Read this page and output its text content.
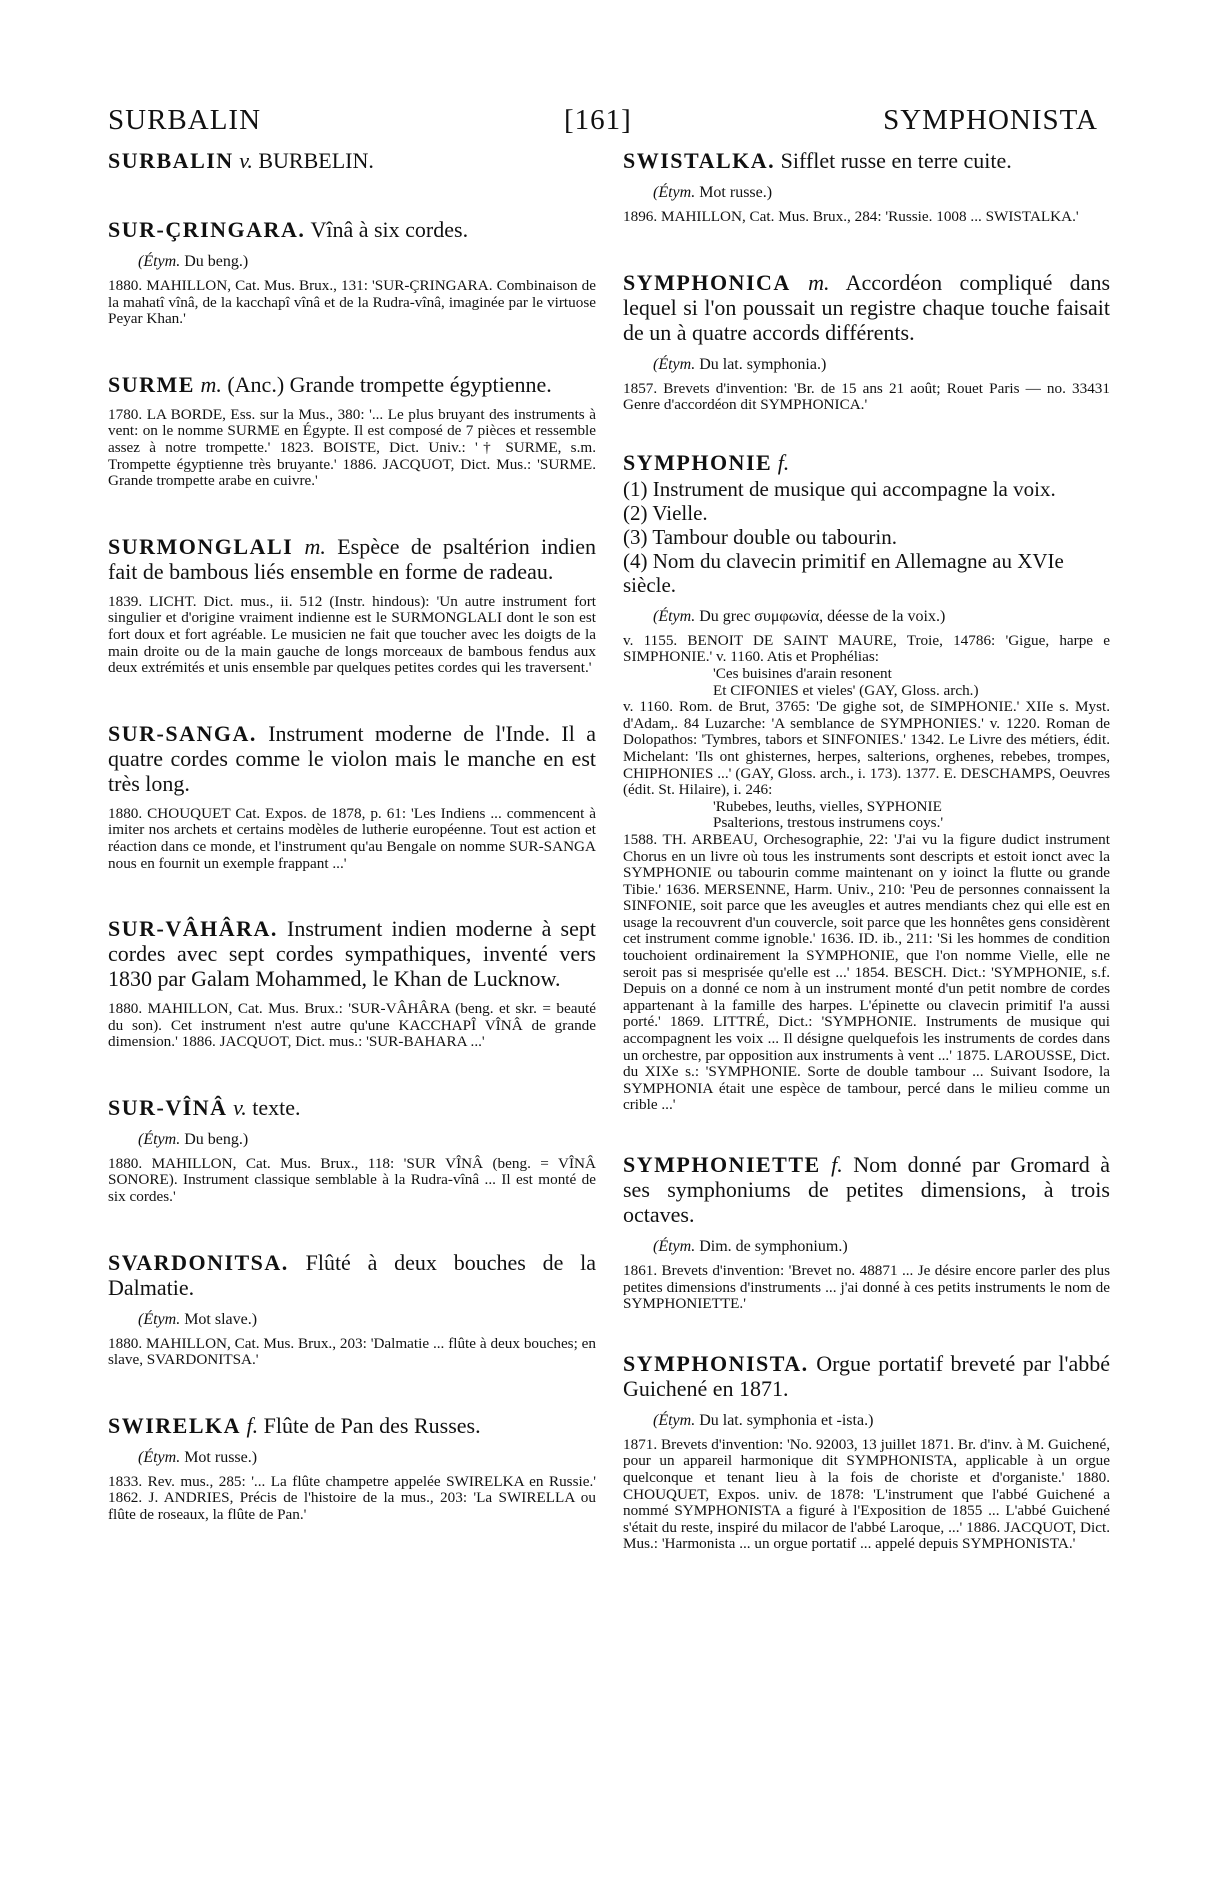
SURBALIN	[161]	SYMPHONISTA

SURBALIN v. BURBELIN.

SUR-ÇRINGARA. Vînâ à six cordes.

(Étym. Du beng.)

1880. MAHILLON, Cat. Mus. Brux., 131: 'SUR-ÇRINGARA. Combinaison de la mahatî vînâ, de la kacchapî vînâ et de la Rudra-vînâ, imaginée par le virtuose Peyar Khan.'

SURME m. (Anc.) Grande trompette égyptienne.

1780. LA BORDE, Ess. sur la Mus., 380: '... Le plus bruyant des instruments à vent: on le nomme SURME en Égypte. Il est composé de 7 pièces et ressemble assez à notre trompette.' 1823. BOISTE, Dict. Univ.: '† SURME, s.m. Trompette égyptienne très bruyante.' 1886. JACQUOT, Dict. Mus.: 'SURME. Grande trompette arabe en cuivre.'

SURMONGLALI m. Espèce de psaltérion indien fait de bambous liés ensemble en forme de radeau.

1839. LICHT. Dict. mus., ii. 512 (Instr. hindous): 'Un autre instrument fort singulier et d'origine vraiment indienne est le SURMONGLALI dont le son est fort doux et fort agréable. Le musicien ne fait que toucher avec les doigts de la main droite ou de la main gauche de longs morceaux de bambous fendus aux deux extrémités et unis ensemble par quelques petites cordes qui les traversent.'

SUR-SANGA. Instrument moderne de l'Inde. Il a quatre cordes comme le violon mais le manche en est très long.

1880. CHOUQUET Cat. Expos. de 1878, p. 61: 'Les Indiens ... commencent à imiter nos archets et certains modèles de lutherie européenne. Tout est action et réaction dans ce monde, et l'instrument qu'au Bengale on nomme SUR-SANGA nous en fournit un exemple frappant ...'

SUR-VÂHÂRA. Instrument indien moderne à sept cordes avec sept cordes sympathiques, inventé vers 1830 par Galam Mohammed, le Khan de Lucknow.

1880. MAHILLON, Cat. Mus. Brux.: 'SUR-VÂHÂRA (beng. et skr. = beauté du son). Cet instrument n'est autre qu'une KACCHAPÎ VÎNÂ de grande dimension.' 1886. JACQUOT, Dict. mus.: 'SUR-BAHARA ...'

SUR-VÎNÂ v. texte.

(Étym. Du beng.)

1880. MAHILLON, Cat. Mus. Brux., 118: 'SUR VÎNÂ (beng. = VÎNÂ SONORE). Instrument classique semblable à la Rudra-vînâ ... Il est monté de six cordes.'

SVARDONITSA. Flûté à deux bouches de la Dalmatie.

(Étym. Mot slave.)

1880. MAHILLON, Cat. Mus. Brux., 203: 'Dalmatie ... flûte à deux bouches; en slave, SVARDONITSA.'

SWIRELKA f. Flûte de Pan des Russes.

(Étym. Mot russe.)

1833. Rev. mus., 285: '... La flûte champetre appelée SWIRELKA en Russie.' 1862. J. ANDRIES, Précis de l'histoire de la mus., 203: 'La SWIRELLA ou flûte de roseaux, la flûte de Pan.'

SWISTALKA. Sifflet russe en terre cuite.

(Étym. Mot russe.)

1896. MAHILLON, Cat. Mus. Brux., 284: 'Russie. 1008 ... SWISTALKA.'

SYMPHONICA m. Accordéon compliqué dans lequel si l'on poussait un registre chaque touche faisait de un à quatre accords différents.

(Étym. Du lat. symphonia.)

1857. Brevets d'invention: 'Br. de 15 ans 21 août; Rouet Paris — no. 33431 Genre d'accordéon dit SYMPHONICA.'

SYMPHONIE f.

(1) Instrument de musique qui accompagne la voix.
(2) Vielle.
(3) Tambour double ou tabourin.
(4) Nom du clavecin primitif en Allemagne au XVIe siècle.

(Étym. Du grec συμφωνία, déesse de la voix.)

v. 1155. BENOIT DE SAINT MAURE, Troie, 14786: 'Gigue, harpe e SIMPHONIE.' v. 1160. Atis et Prophélias:

'Ces buisines d'arain resonent

Et CIFONIES et vieles' (GAY, Gloss. arch.)

v. 1160. Rom. de Brut, 3765: 'De gighe sot, de SIMPHONIE.' XIIe s. Myst. d'Adam,. 84 Luzarche: 'A semblance de SYMPHONIES.' v. 1220. Roman de Dolopathos: 'Tymbres, tabors et SINFONIES.' 1342. Le Livre des métiers, édit. Michelant: 'Ils ont ghisternes, herpes, salterions, orghenes, rebebes, trompes, CHIPHONIES ...' (GAY, Gloss. arch., i. 173). 1377. E. DESCHAMPS, Oeuvres (édit. St. Hilaire), i. 246:

'Rubebes, leuths, vielles, SYPHONIE

Psalterions, trestous instrumens coys.'

1588. TH. ARBEAU, Orchesographie, 22: 'J'ai vu la figure dudict instrument Chorus en un livre où tous les instruments sont descripts et estoit ionct avec la SYMPHONIE ou tabourin comme maintenant on y ioinct la flutte ou grande Tibie.' 1636. MERSENNE, Harm. Univ., 210: 'Peu de personnes connaissent la SINFONIE, soit parce que les aveugles et autres mendiants chez qui elle est en usage la recouvrent d'un couvercle, soit parce que les honnêtes gens considèrent cet instrument comme ignoble.' 1636. ID. ib., 211: 'Si les hommes de condition touchoient ordinairement la SYMPHONIE, que l'on nomme Vielle, elle ne seroit pas si mesprisée qu'elle est ...' 1854. BESCH. Dict.: 'SYMPHONIE, s.f. Depuis on a donné ce nom à un instrument monté d'un petit nombre de cordes appartenant à la famille des harpes. L'épinette ou clavecin primitif l'a aussi porté.' 1869. LITTRÉ, Dict.: 'SYMPHONIE. Instruments de musique qui accompagnent les voix ... Il désigne quelquefois les instruments de cordes dans un orchestre, par opposition aux instruments à vent ...' 1875. LAROUSSE, Dict. du XIXe s.: 'SYMPHONIE. Sorte de double tambour ... Suivant Isodore, la SYMPHONIA était une espèce de tambour, percé dans le milieu comme un crible ...'

SYMPHONIETTE f. Nom donné par Gromard à ses symphoniums de petites dimensions, à trois octaves.

(Étym. Dim. de symphonium.)

1861. Brevets d'invention: 'Brevet no. 48871 ... Je désire encore parler des plus petites dimensions d'instruments ... j'ai donné à ces petits instruments le nom de SYMPHONIETTE.'

SYMPHONISTA. Orgue portatif breveté par l'abbé Guichené en 1871.

(Étym. Du lat. symphonia et -ista.)

1871. Brevets d'invention: 'No. 92003, 13 juillet 1871. Br. d'inv. à M. Guichené, pour un appareil harmonique dit SYMPHONISTA, applicable à un orgue quelconque et tenant lieu à la fois de choriste et d'organiste.' 1880. CHOUQUET, Expos. univ. de 1878: 'L'instrument que l'abbé Guichené a nommé SYMPHONISTA a figuré à l'Exposition de 1855 ... L'abbé Guichené s'était du reste, inspiré du milacor de l'abbé Laroque, ...' 1886. JACQUOT, Dict. Mus.: 'Harmonista ... un orgue portatif ... appelé depuis SYMPHONISTA.'
